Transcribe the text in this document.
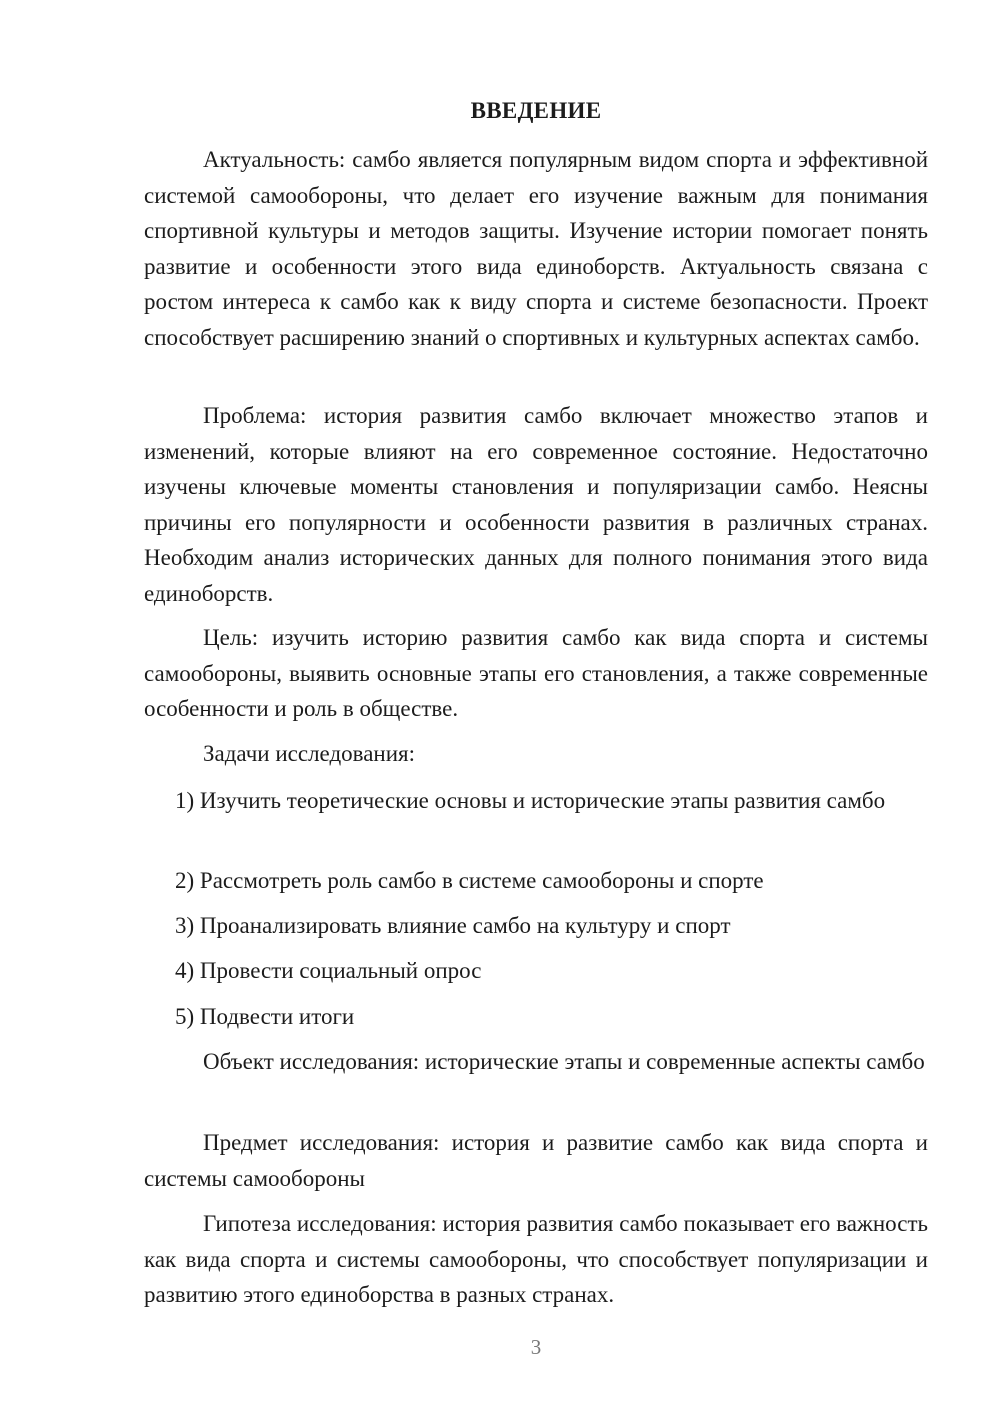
ВВЕДЕНИЕ

Актуальность: самбо является популярным видом спорта и эффективной системой самообороны, что делает его изучение важным для понимания спортивной культуры и методов защиты. Изучение истории помогает понять развитие и особенности этого вида единоборств. Актуальность связана с ростом интереса к самбо как к виду спорта и системе безопасности. Проект способствует расширению знаний о спортивных и культурных аспектах самбо.

Проблема: история развития самбо включает множество этапов и изменений, которые влияют на его современное состояние. Недостаточно изучены ключевые моменты становления и популяризации самбо. Неясны причины его популярности и особенности развития в различных странах. Необходим анализ исторических данных для полного понимания этого вида единоборств.

Цель: изучить историю развития самбо как вида спорта и системы самообороны, выявить основные этапы его становления, а также современные особенности и роль в обществе.

Задачи исследования:

1) Изучить теоретические основы и исторические этапы развития самбо

2) Рассмотреть роль самбо в системе самообороны и спорте

3) Проанализировать влияние самбо на культуру и спорт

4) Провести социальный опрос

5) Подвести итоги

Объект исследования: исторические этапы и современные аспекты самбо

Предмет исследования: история и развитие самбо как вида спорта и системы самообороны

Гипотеза исследования: история развития самбо показывает его важность как вида спорта и системы самообороны, что способствует популяризации и развитию этого единоборства в разных странах.

3
